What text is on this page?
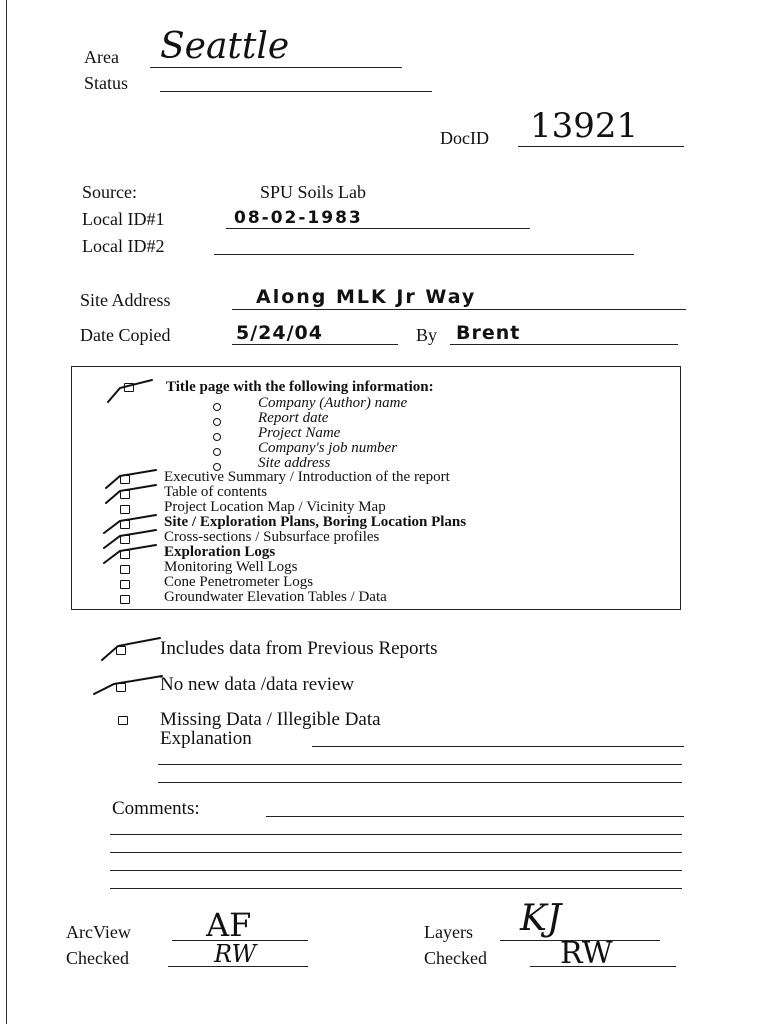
Area Seattle
Status
DocID 13921
Source:	SPU Soils Lab
Local ID#1	08-02-1983
Local ID#2
Site Address	Along MLK Jr Way
Date Copied	5/24/04	By Brent
Title page with the following information:
Company (Author) name
Report date
Project Name
Company's job number
Site address
Executive Summary / Introduction of the report
Table of contents
Project Location Map / Vicinity Map
Site / Exploration Plans, Boring Location Plans
Cross-sections / Subsurface profiles
Exploration Logs
Monitoring Well Logs
Cone Penetrometer Logs
Groundwater Elevation Tables / Data
Includes data from Previous Reports
No new data /data review
Missing Data / Illegible Data
Explanation
Comments:
ArcView AF
Checked	RW
Layers KJ
Checked RW
